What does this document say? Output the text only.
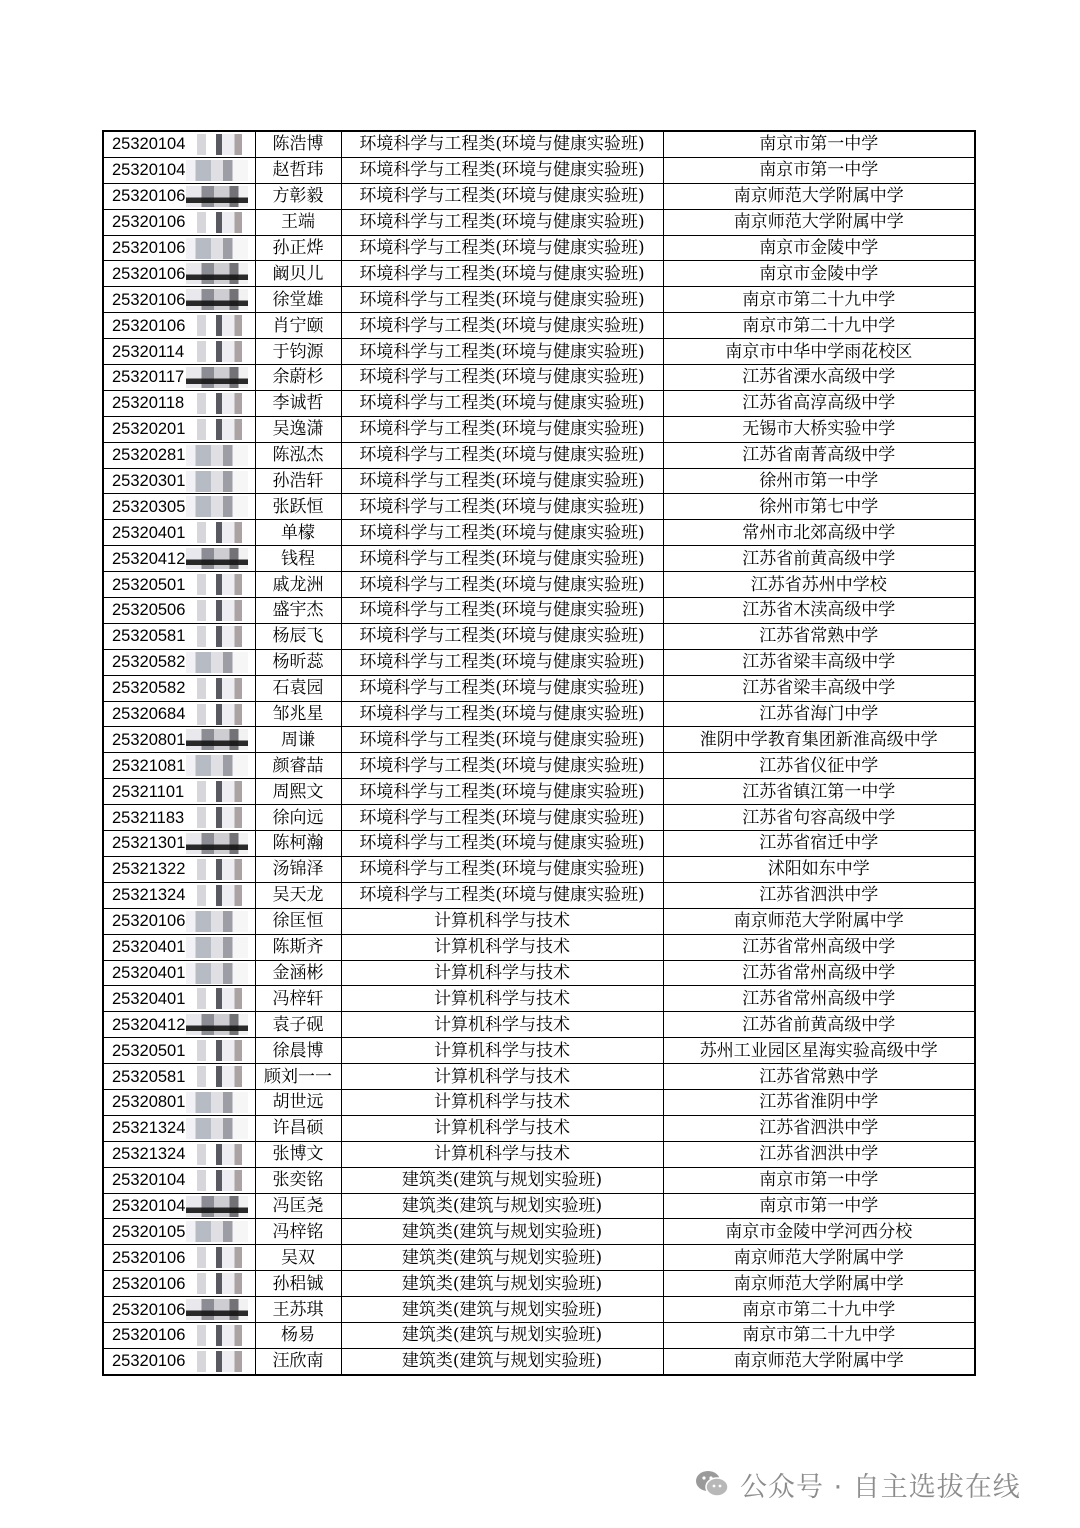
25320104	陈浩博	环境科学与工程类(环境与健康实验班)	南京市第一中学
25320104	赵哲玮	环境科学与工程类(环境与健康实验班)	南京市第一中学
25320106	方彰毅	环境科学与工程类(环境与健康实验班)	南京师范大学附属中学
25320106	王端	环境科学与工程类(环境与健康实验班)	南京师范大学附属中学
25320106	孙正烨	环境科学与工程类(环境与健康实验班)	南京市金陵中学
25320106	阚贝儿	环境科学与工程类(环境与健康实验班)	南京市金陵中学
25320106	徐堂雄	环境科学与工程类(环境与健康实验班)	南京市第二十九中学
25320106	肖宁颐	环境科学与工程类(环境与健康实验班)	南京市第二十九中学
25320114	于钧源	环境科学与工程类(环境与健康实验班)	南京市中华中学雨花校区
25320117	余蔚杉	环境科学与工程类(环境与健康实验班)	江苏省溧水高级中学
25320118	李诚哲	环境科学与工程类(环境与健康实验班)	江苏省高淳高级中学
25320201	吴逸潇	环境科学与工程类(环境与健康实验班)	无锡市大桥实验中学
25320281	陈泓杰	环境科学与工程类(环境与健康实验班)	江苏省南菁高级中学
25320301	孙浩轩	环境科学与工程类(环境与健康实验班)	徐州市第一中学
25320305	张跃恒	环境科学与工程类(环境与健康实验班)	徐州市第七中学
25320401	单檬	环境科学与工程类(环境与健康实验班)	常州市北郊高级中学
25320412	钱程	环境科学与工程类(环境与健康实验班)	江苏省前黄高级中学
25320501	戚龙洲	环境科学与工程类(环境与健康实验班)	江苏省苏州中学校
25320506	盛宇杰	环境科学与工程类(环境与健康实验班)	江苏省木渎高级中学
25320581	杨辰飞	环境科学与工程类(环境与健康实验班)	江苏省常熟中学
25320582	杨昕蕊	环境科学与工程类(环境与健康实验班)	江苏省梁丰高级中学
25320582	石袁园	环境科学与工程类(环境与健康实验班)	江苏省梁丰高级中学
25320684	邹兆星	环境科学与工程类(环境与健康实验班)	江苏省海门中学
25320801	周谦	环境科学与工程类(环境与健康实验班)	淮阴中学教育集团新淮高级中学
25321081	颜睿喆	环境科学与工程类(环境与健康实验班)	江苏省仪征中学
25321101	周熙文	环境科学与工程类(环境与健康实验班)	江苏省镇江第一中学
25321183	徐向远	环境科学与工程类(环境与健康实验班)	江苏省句容高级中学
25321301	陈柯瀚	环境科学与工程类(环境与健康实验班)	江苏省宿迁中学
25321322	汤锦泽	环境科学与工程类(环境与健康实验班)	沭阳如东中学
25321324	吴天龙	环境科学与工程类(环境与健康实验班)	江苏省泗洪中学
25320106	徐匡恒	计算机科学与技术	南京师范大学附属中学
25320401	陈斯齐	计算机科学与技术	江苏省常州高级中学
25320401	金涵彬	计算机科学与技术	江苏省常州高级中学
25320401	冯梓轩	计算机科学与技术	江苏省常州高级中学
25320412	袁子砚	计算机科学与技术	江苏省前黄高级中学
25320501	徐晨博	计算机科学与技术	苏州工业园区星海实验高级中学
25320581	顾刘一一	计算机科学与技术	江苏省常熟中学
25320801	胡世远	计算机科学与技术	江苏省淮阴中学
25321324	许昌硕	计算机科学与技术	江苏省泗洪中学
25321324	张博文	计算机科学与技术	江苏省泗洪中学
25320104	张奕铭	建筑类(建筑与规划实验班)	南京市第一中学
25320104	冯匡尧	建筑类(建筑与规划实验班)	南京市第一中学
25320105	冯梓铭	建筑类(建筑与规划实验班)	南京市金陵中学河西分校
25320106	吴双	建筑类(建筑与规划实验班)	南京师范大学附属中学
25320106	孙稆铖	建筑类(建筑与规划实验班)	南京师范大学附属中学
25320106	王苏琪	建筑类(建筑与规划实验班)	南京市第二十九中学
25320106	杨易	建筑类(建筑与规划实验班)	南京市第二十九中学
25320106	汪欣南	建筑类(建筑与规划实验班)	南京师范大学附属中学
公众号 · 自主选拔在线
